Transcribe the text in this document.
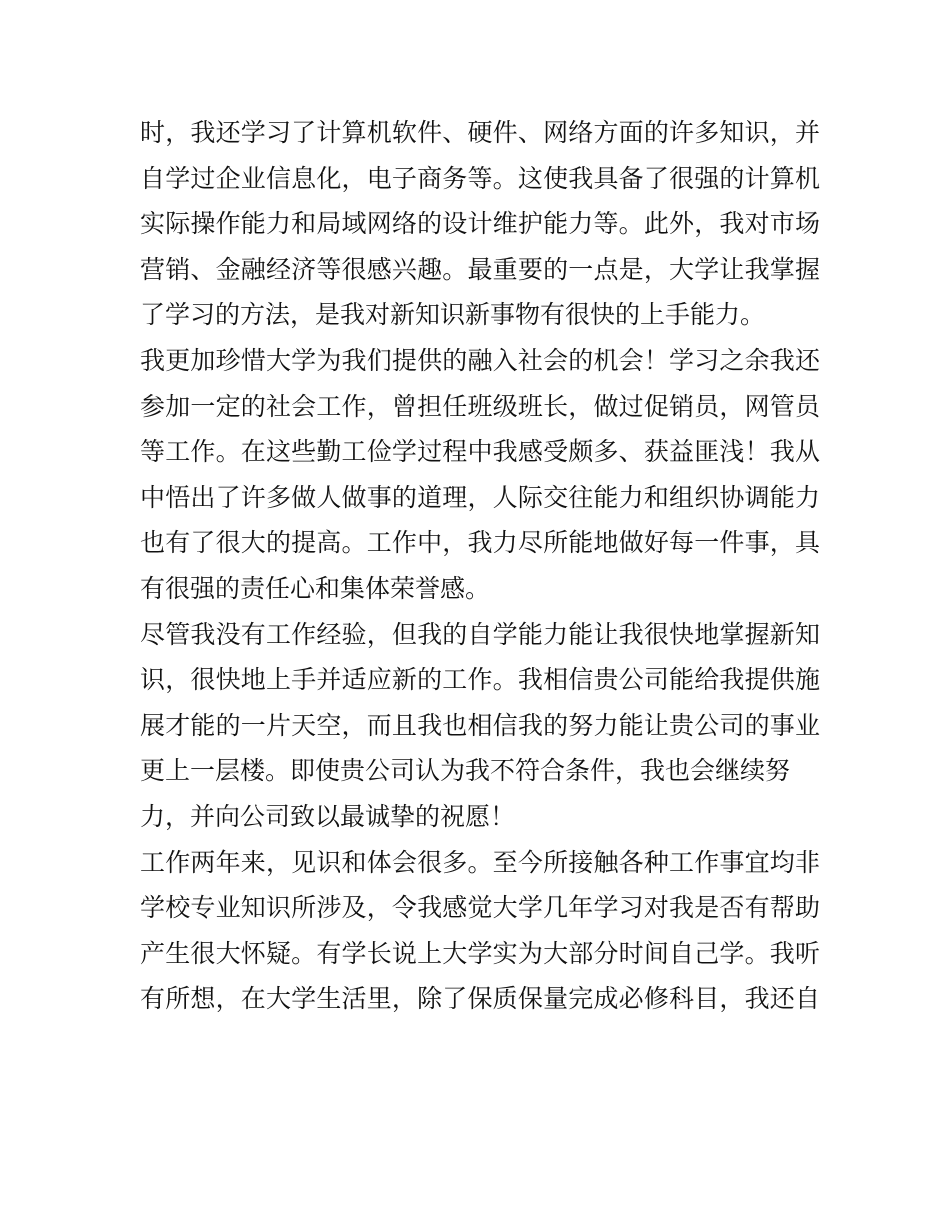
时，我还学习了计算机软件、硬件、网络方面的许多知识，并
自学过企业信息化，电子商务等。这使我具备了很强的计算机
实际操作能力和局域网络的设计维护能力等。此外，我对市场
营销、金融经济等很感兴趣。最重要的一点是，大学让我掌握
了学习的方法，是我对新知识新事物有很快的上手能力。
我更加珍惜大学为我们提供的融入社会的机会！学习之余我还
参加一定的社会工作，曾担任班级班长，做过促销员，网管员
等工作。在这些勤工俭学过程中我感受颇多、获益匪浅！我从
中悟出了许多做人做事的道理，人际交往能力和组织协调能力
也有了很大的提高。工作中，我力尽所能地做好每一件事，具
有很强的责任心和集体荣誉感。
尽管我没有工作经验，但我的自学能力能让我很快地掌握新知
识，很快地上手并适应新的工作。我相信贵公司能给我提供施
展才能的一片天空，而且我也相信我的努力能让贵公司的事业
更上一层楼。即使贵公司认为我不符合条件，我也会继续努
力，并向公司致以最诚挚的祝愿！
工作两年来，见识和体会很多。至今所接触各种工作事宜均非
学校专业知识所涉及，令我感觉大学几年学习对我是否有帮助
产生很大怀疑。有学长说上大学实为大部分时间自己学。我听
有所想，在大学生活里，除了保质保量完成必修科目，我还自
